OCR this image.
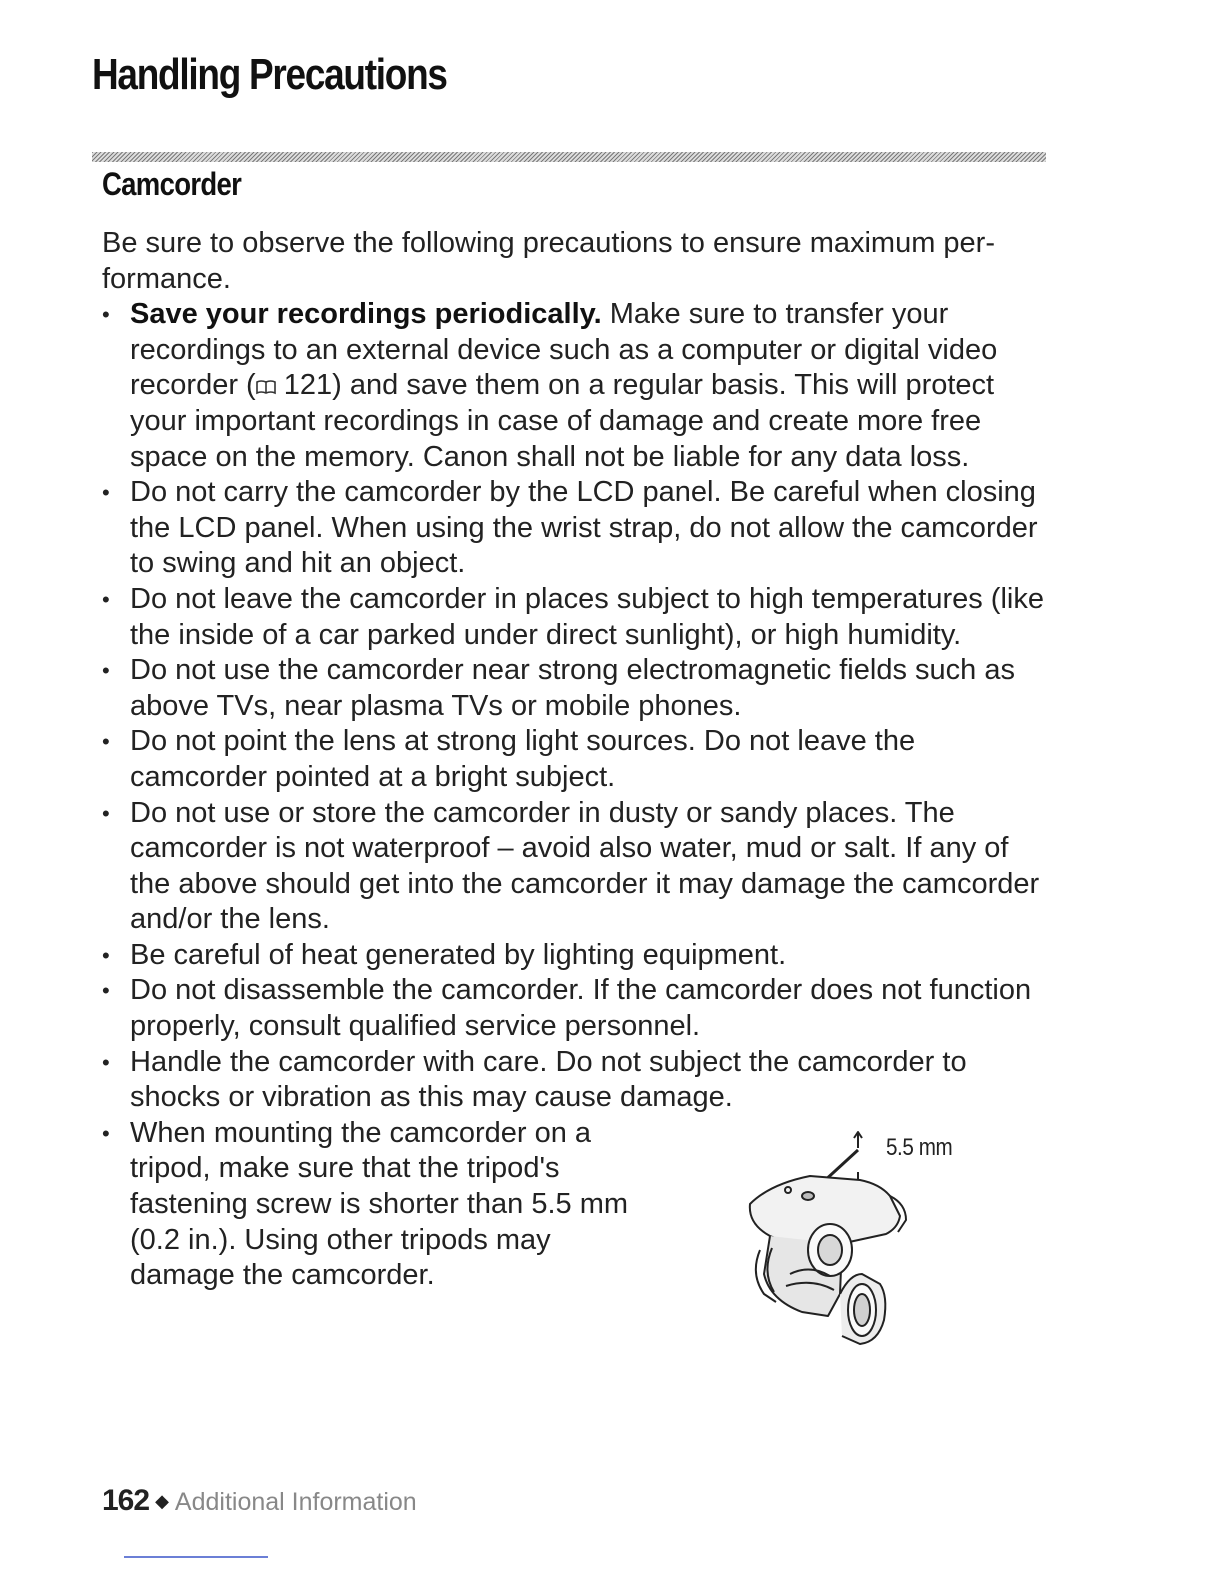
Handling Precautions
Camcorder

Be sure to observe the following precautions to ensure maximum per-formance.

• Save your recordings periodically. Make sure to transfer your recordings to an external device such as a computer or digital video recorder ( 121) and save them on a regular basis. This will protect your important recordings in case of damage and create more free space on the memory. Canon shall not be liable for any data loss.
• Do not carry the camcorder by the LCD panel. Be careful when closing the LCD panel. When using the wrist strap, do not allow the camcorder to swing and hit an object.
• Do not leave the camcorder in places subject to high temperatures (like the inside of a car parked under direct sunlight), or high humidity.
• Do not use the camcorder near strong electromagnetic fields such as above TVs, near plasma TVs or mobile phones.
• Do not point the lens at strong light sources. Do not leave the camcorder pointed at a bright subject.
• Do not use or store the camcorder in dusty or sandy places. The camcorder is not waterproof – avoid also water, mud or salt. If any of the above should get into the camcorder it may damage the camcorder and/or the lens.
• Be careful of heat generated by lighting equipment.
• Do not disassemble the camcorder. If the camcorder does not function properly, consult qualified service personnel.
• Handle the camcorder with care. Do not subject the camcorder to shocks or vibration as this may cause damage.
• When mounting the camcorder on a tripod, make sure that the tripod's fastening screw is shorter than 5.5 mm (0.2 in.). Using other tripods may damage the camcorder.
5.5 mm
162 ◆ Additional Information
